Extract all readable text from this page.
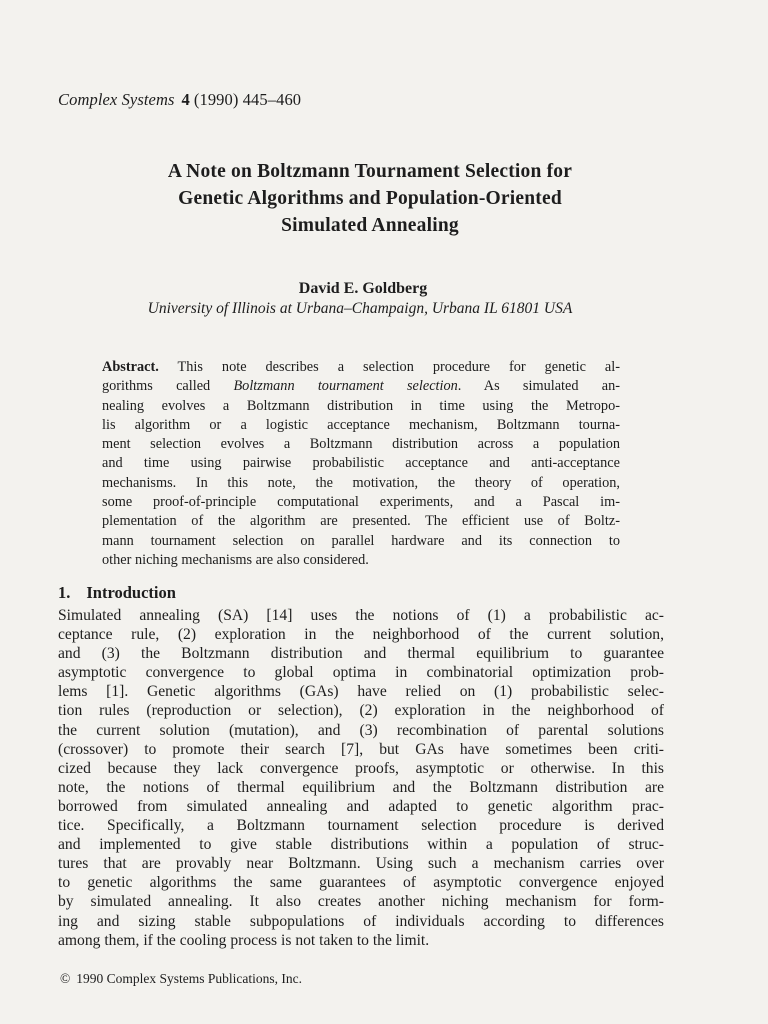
Complex Systems 4 (1990) 445–460
A Note on Boltzmann Tournament Selection for
Genetic Algorithms and Population-Oriented
Simulated Annealing
David E. Goldberg
University of Illinois at Urbana–Champaign, Urbana IL 61801 USA
Abstract. This note describes a selection procedure for genetic al-
gorithms called Boltzmann tournament selection. As simulated an-
nealing evolves a Boltzmann distribution in time using the Metropo-
lis algorithm or a logistic acceptance mechanism, Boltzmann tourna-
ment selection evolves a Boltzmann distribution across a population
and time using pairwise probabilistic acceptance and anti-acceptance
mechanisms. In this note, the motivation, the theory of operation,
some proof-of-principle computational experiments, and a Pascal im-
plementation of the algorithm are presented. The efficient use of Boltz-
mann tournament selection on parallel hardware and its connection to
other niching mechanisms are also considered.
1. Introduction
Simulated annealing (SA) [14] uses the notions of (1) a probabilistic ac-
ceptance rule, (2) exploration in the neighborhood of the current solution,
and (3) the Boltzmann distribution and thermal equilibrium to guarantee
asymptotic convergence to global optima in combinatorial optimization prob-
lems [1]. Genetic algorithms (GAs) have relied on (1) probabilistic selec-
tion rules (reproduction or selection), (2) exploration in the neighborhood of
the current solution (mutation), and (3) recombination of parental solutions
(crossover) to promote their search [7], but GAs have sometimes been criti-
cized because they lack convergence proofs, asymptotic or otherwise. In this
note, the notions of thermal equilibrium and the Boltzmann distribution are
borrowed from simulated annealing and adapted to genetic algorithm prac-
tice. Specifically, a Boltzmann tournament selection procedure is derived
and implemented to give stable distributions within a population of struc-
tures that are provably near Boltzmann. Using such a mechanism carries over
to genetic algorithms the same guarantees of asymptotic convergence enjoyed
by simulated annealing. It also creates another niching mechanism for form-
ing and sizing stable subpopulations of individuals according to differences
among them, if the cooling process is not taken to the limit.
© 1990 Complex Systems Publications, Inc.
